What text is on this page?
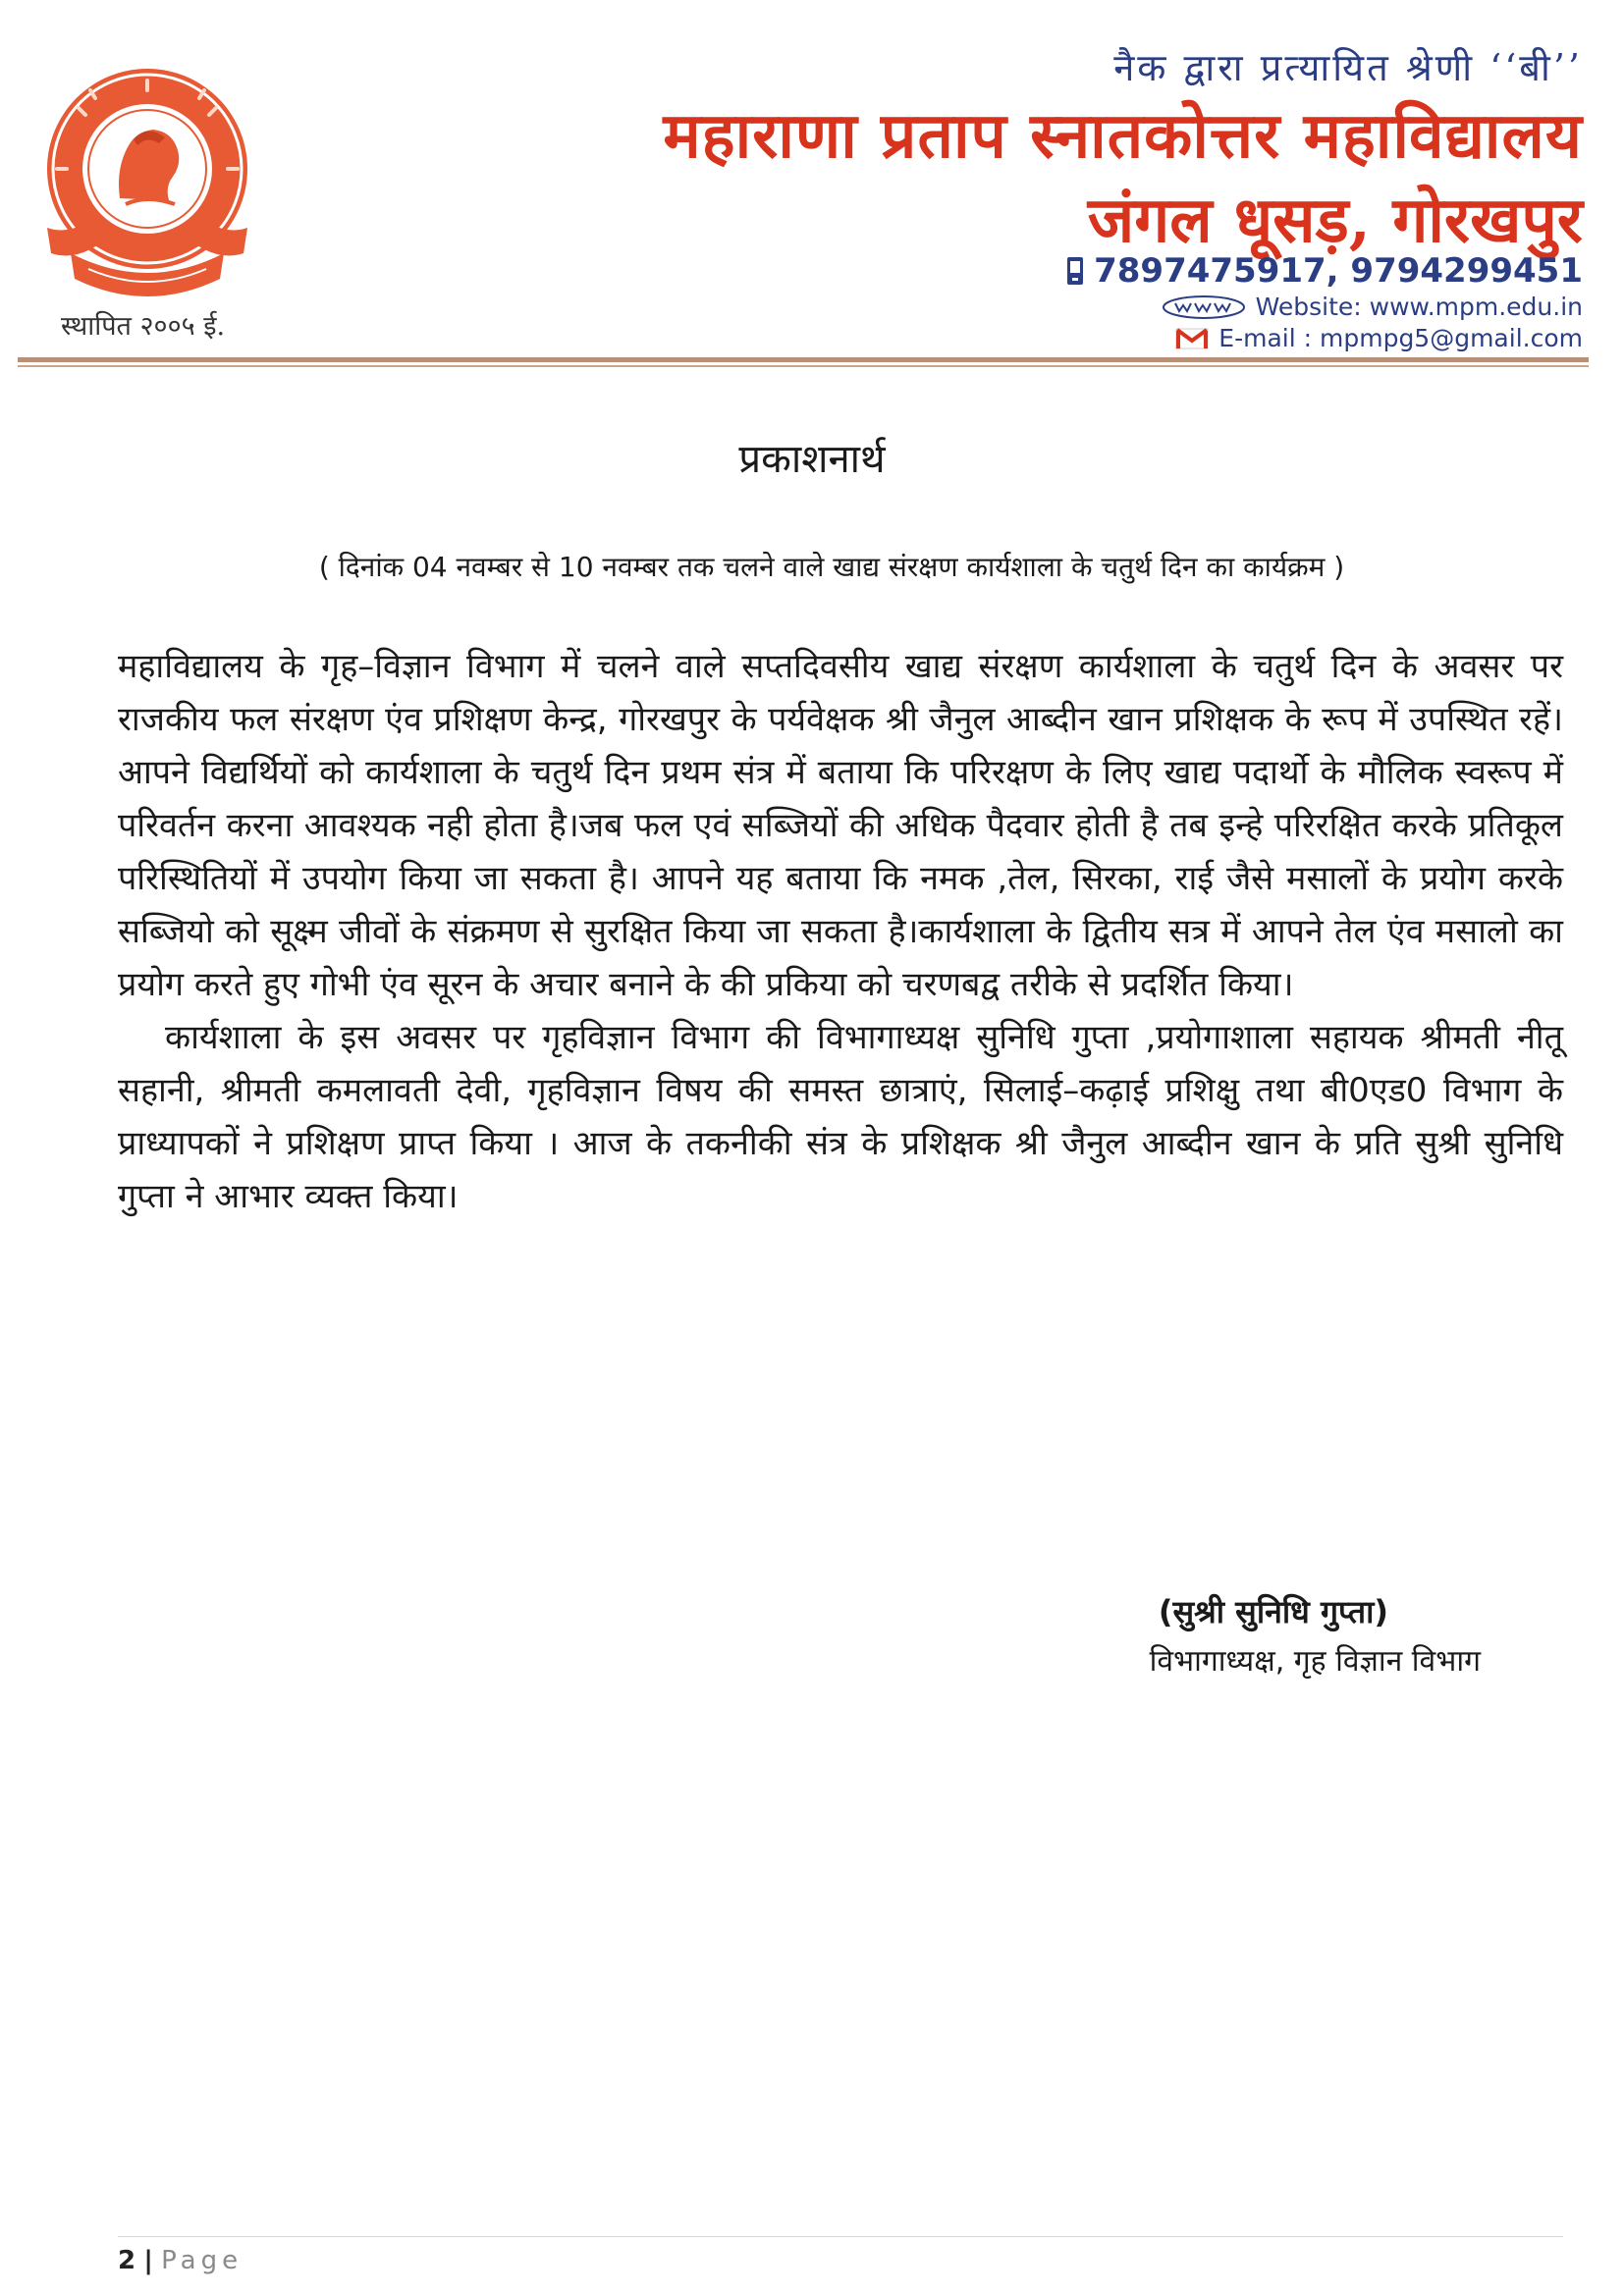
स्थापित २००५ ई.
नैक द्वारा प्रत्यायित श्रेणी ‘‘बी’’
महाराणा प्रताप स्नातकोत्तर महाविद्यालय
जंगल धूसड़, गोरखपुर
7897475917, 9794299451
Website: www.mpm.edu.in
E-mail : mpmpg5@gmail.com
प्रकाशनार्थ
( दिनांक 04 नवम्बर से 10 नवम्बर तक चलने वाले खाद्य संरक्षण कार्यशाला के चतुर्थ दिन का कार्यक्रम )

महाविद्यालय के गृह–विज्ञान विभाग में चलने वाले सप्तदिवसीय खाद्य संरक्षण कार्यशाला के चतुर्थ दिन के अवसर पर राजकीय फल संरक्षण एंव प्रशिक्षण केन्द्र, गोरखपुर के पर्यवेक्षक श्री जैनुल आब्दीन खान प्रशिक्षक के रूप में उपस्थित रहें। आपने विद्यर्थियों को कार्यशाला के चतुर्थ दिन प्रथम संत्र में बताया कि परिरक्षण के लिए खाद्य पदार्थो के मौलिक स्वरूप में परिवर्तन करना आवश्यक नही होता है।जब फल एवं सब्जियों की अधिक पैदवार होती है तब इन्हे परिरक्षित करके प्रतिकूल परिस्थितियों में उपयोग किया जा सकता है। आपने यह बताया कि नमक ,तेल, सिरका, राई जैसे मसालों के प्रयोग करके सब्जियो को सूक्ष्म जीवों के संक्रमण से सुरक्षित किया जा सकता है।कार्यशाला के द्वितीय सत्र में आपने तेल एंव मसालो का प्रयोग करते हुए गोभी एंव सूरन के अचार बनाने के की प्रकिया को चरणबद्व तरीके से प्रदर्शित किया।

कार्यशाला के इस अवसर पर गृहविज्ञान विभाग की विभागाध्यक्ष सुनिधि गुप्ता ,प्रयोगाशाला सहायक श्रीमती नीतू सहानी, श्रीमती कमलावती देवी, गृहविज्ञान विषय की समस्त छात्राएं, सिलाई–कढ़ाई प्रशिक्षु तथा बी0एड0 विभाग के प्राध्यापकों ने प्रशिक्षण प्राप्त किया । आज के तकनीकी संत्र के प्रशिक्षक श्री जैनुल आब्दीन खान के प्रति सुश्री सुनिधि गुप्ता ने आभार व्यक्त किया।

(सुश्री सुनिधि गुप्ता)
विभागाध्यक्ष, गृह विज्ञान विभाग
2 | Page
